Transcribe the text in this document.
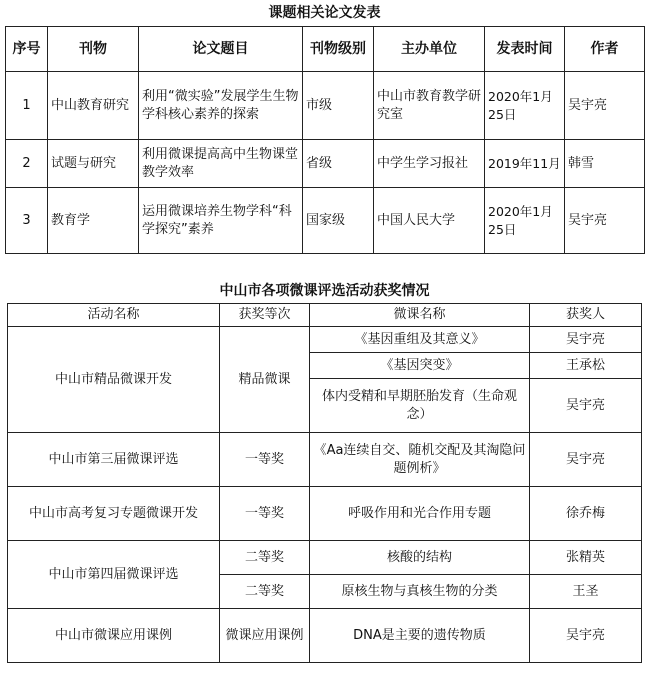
课题相关论文发表
序号	刊物	论文题目	刊物级别	主办单位	发表时间	作者
1	中山教育研究	利用“微实验”发展学生生物学科核心素养的探索	市级	中山市教育教学研究室	2020年1月25日	吴宇亮
2	试题与研究	利用微课提高高中生物课堂教学效率	省级	中学生学习报社	2019年11月	韩雪
3	教育学	运用微课培养生物学科“科学探究”素养	国家级	中国人民大学	2020年1月25日	吴宇亮
中山市各项微课评选活动获奖情况
活动名称	获奖等次	微课名称	获奖人
中山市精品微课开发	精品微课	《基因重组及其意义》	吴宇亮
		《基因突变》	王承松
		体内受精和早期胚胎发育（生命观念）	吴宇亮
中山市第三届微课评选	一等奖	《Aa连续自交、随机交配及其淘隐问题例析》	吴宇亮
中山市高考复习专题微课开发	一等奖	呼吸作用和光合作用专题	徐乔梅
中山市第四届微课评选	二等奖	核酸的结构	张精英
	二等奖	原核生物与真核生物的分类	王圣
中山市微课应用课例	微课应用课例	DNA是主要的遗传物质	吴宇亮
